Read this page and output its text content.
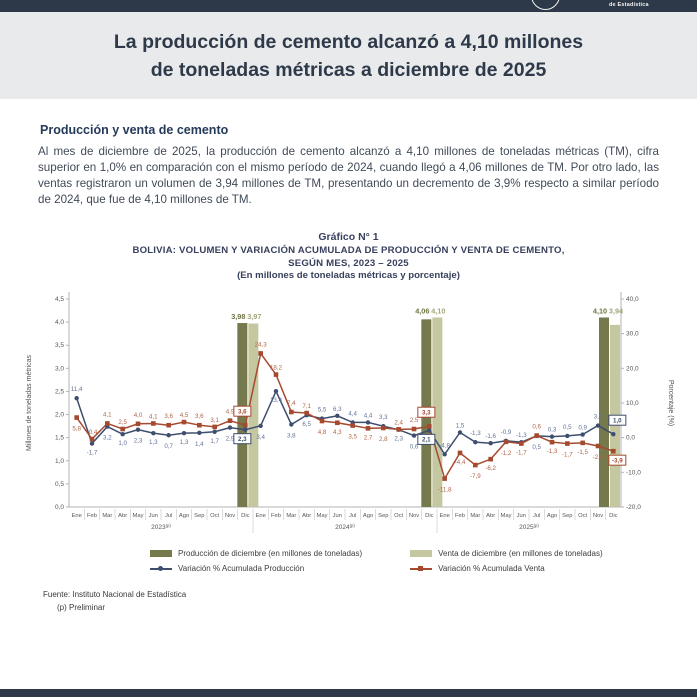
de Estadística
La producción de cemento alcanzó a 4,10 millones
de toneladas métricas a diciembre de 2025
Producción y venta de cemento

Al mes de diciembre de 2025, la producción de cemento alcanzó a 4,10 millones de toneladas métricas (TM), cifra superior en 1,0% en comparación con el mismo período de 2024, cuando llegó a 4,06 millones de TM. Por otro lado, las ventas registraron un volumen de 3,94 millones de TM, presentando un decremento de 3,9% respecto a similar período de 2024, que fue de 4,10 millones de TM.

Gráfico N° 1
BOLIVIA: VOLUMEN Y VARIACIÓN ACUMULADA DE PRODUCCIÓN Y VENTA DE CEMENTO,
SEGÚN MES, 2023 – 2025
(En millones de toneladas métricas y porcentaje)
4,5
4,0
3,5
3,0
2,5
2,0
1,5
1,0
0,5
0,0
40,0
30,0
20,0
10,0
0,0
-10,0
-20,0
Millones de toneladas métricas	Porcentaje (%)
Ene Feb Mar Abr May Jun Jul Ago Sep Oct Nov Dic Ene Feb Mar Abr May Jun Jul Ago Sep Oct Nov Dic Ene Feb Mar Abr May Jun Jul Ago Sep Oct Nov Dic
2023$^{(p)}$	2024$^{(p)}$	2025$^{(p)}$
3,98 3,97
4,06 4,10	4,10 3,94
11,4
-1,7
3,2
1,0 2,3 1,3
0,7
1,3 1,4 1,7 2,9 2,3 3,4
13,4
3,8
6,5
5,5 6,3
4,4 4,4 3,3
2,3
0,6
2,1
-4,8
1,5
-1,3 -1,6
-0,9 -1,3
0,5
0,3 0,5 0,9
3,5
1,0
5,8 -0,4
4,1
2,5
4,0 4,1 3,6 4,5 3,6
3,1
4,9 3,6
24,3
18,2
7,4 7,1
4,8 4,3
3,5 2,7 2,8
2,4 2,5
3,3
-11,8
-4,4
-7,9
-6,2
-1,2 -1,7
0,6
-1,3 -1,7 -1,5
-2,4 -3,9
Producción de diciembre (en millones de toneladas)	Venta de diciembre (en millones de toneladas)
Variación % Acumulada Producción	Variación % Acumulada Venta
Fuente: Instituto Nacional de Estadística
(p) Preliminar
